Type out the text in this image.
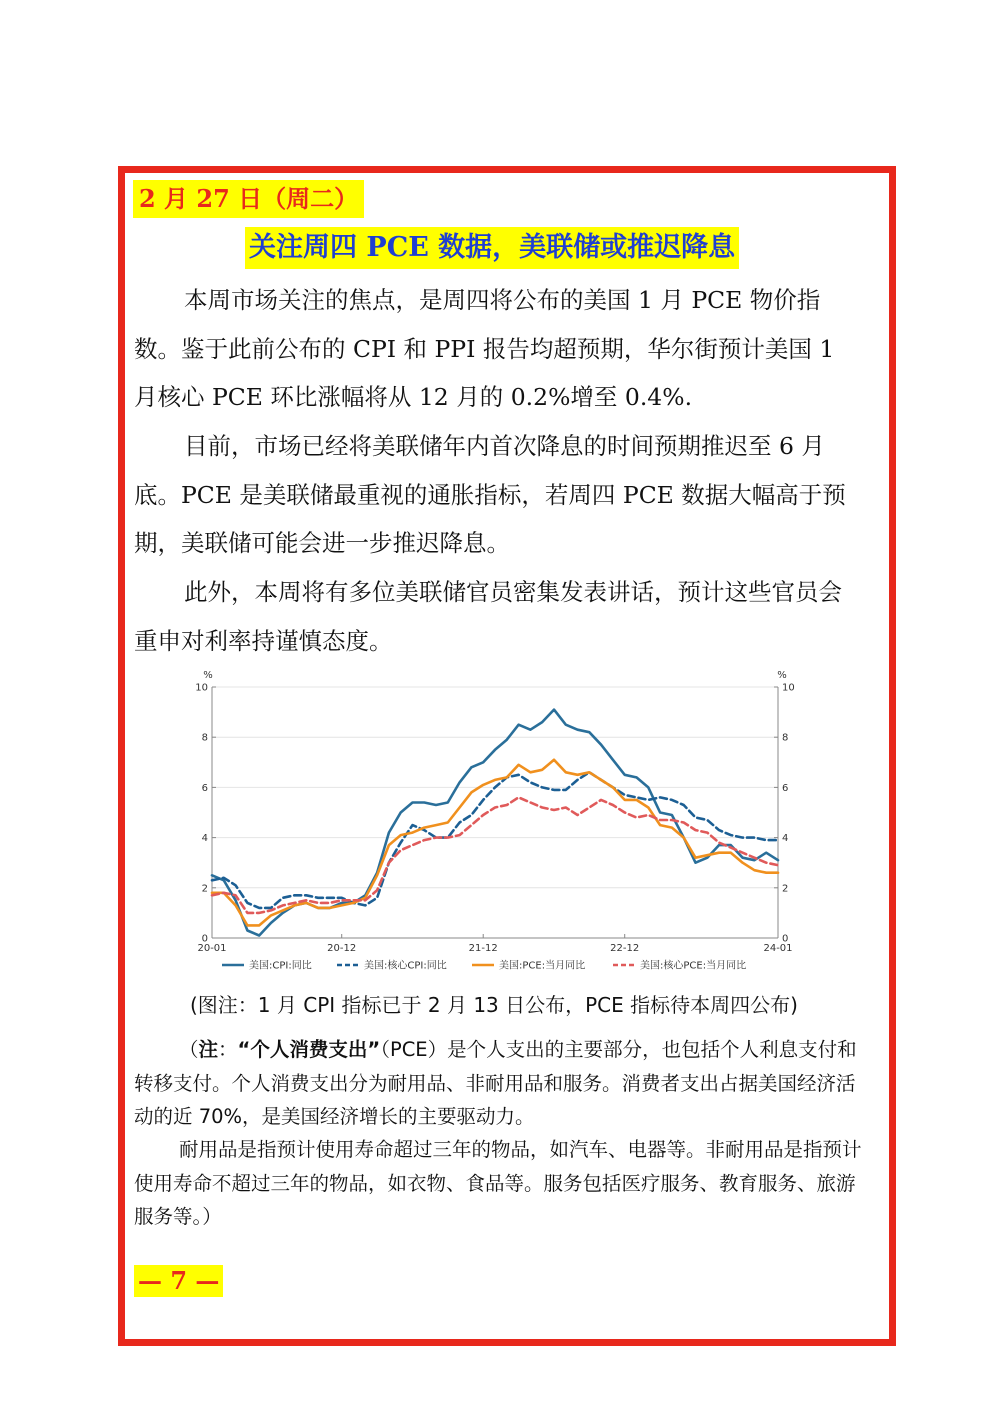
2 月 27 日（周二）
关注周四 PCE 数据，美联储或推迟降息

本周市场关注的焦点，是周四将公布的美国 1 月 PCE 物价指数。鉴于此前公布的 CPI 和 PPI 报告均超预期，华尔街预计美国 1 月核心 PCE 环比涨幅将从 12 月的 0.2%增至 0.4%.

目前，市场已经将美联储年内首次降息的时间预期推迟至 6 月底。PCE 是美联储最重视的通胀指标，若周四 PCE 数据大幅高于预期，美联储可能会进一步推迟降息。

此外，本周将有多位美联储官员密集发表讲话，预计这些官员会重申对利率持谨慎态度。

0	0
2	2
4	4
6	6
8	8
10	10
%	%
20-01	20-12	21-12	22-12	24-01
美国:CPI:同比	美国:核心CPI:同比	美国:PCE:当月同比	美国:核心PCE:当月同比

(图注：1 月 CPI 指标已于 2 月 13 日公布，PCE 指标待本周四公布)

（注：“个人消费支出”（PCE）是个人支出的主要部分，也包括个人利息支付和转移支付。个人消费支出分为耐用品、非耐用品和服务。消费者支出占据美国经济活动的近 70%，是美国经济增长的主要驱动力。

耐用品是指预计使用寿命超过三年的物品，如汽车、电器等。非耐用品是指预计使用寿命不超过三年的物品，如衣物、食品等。服务包括医疗服务、教育服务、旅游服务等。）

— 7 —
